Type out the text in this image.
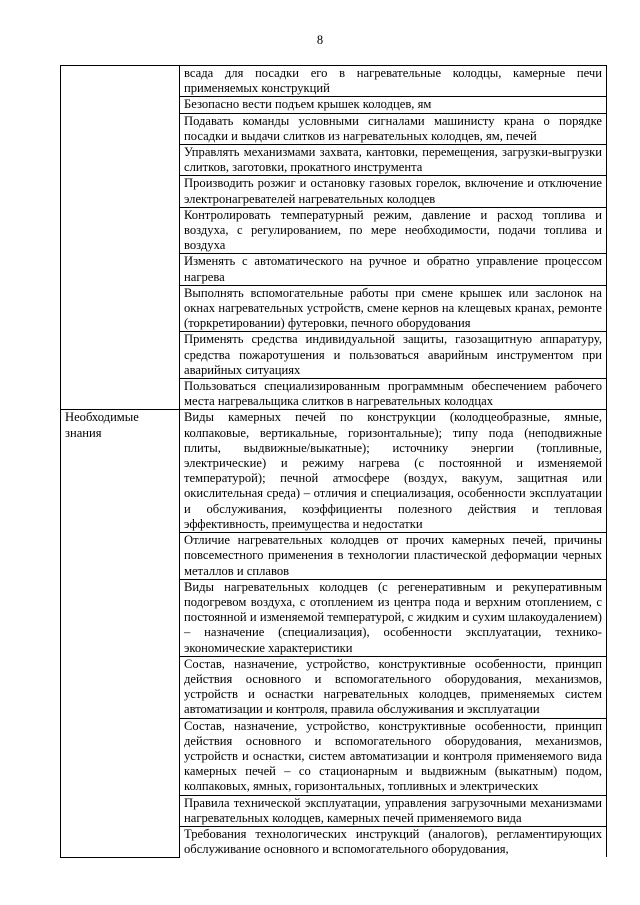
8
	всада для посадки его в нагревательные колодцы, камерные печи применяемых конструкций
	Безопасно вести подъем крышек колодцев, ям
	Подавать команды условными сигналами машинисту крана о порядке посадки и выдачи слитков из нагревательных колодцев, ям, печей
	Управлять механизмами захвата, кантовки, перемещения, загрузки-выгрузки слитков, заготовки, прокатного инструмента
	Производить розжиг и остановку газовых горелок, включение и отключение электронагревателей нагревательных колодцев
	Контролировать температурный режим, давление и расход топлива и воздуха, с регулированием, по мере необходимости, подачи топлива и воздуха
	Изменять с автоматического на ручное и обратно управление процессом нагрева
	Выполнять вспомогательные работы при смене крышек или заслонок на окнах нагревательных устройств, смене кернов на клещевых кранах, ремонте (торкретировании) футеровки, печного оборудования
	Применять средства индивидуальной защиты, газозащитную аппаратуру, средства пожаротушения и пользоваться аварийным инструментом при аварийных ситуациях
	Пользоваться специализированным программным обеспечением рабочего места нагревальщика слитков в нагревательных колодцах
Необходимые знания	Виды камерных печей по конструкции (колодцеобразные, ямные, колпаковые, вертикальные, горизонтальные); типу пода (неподвижные плиты, выдвижные/выкатные); источнику энергии (топливные, электрические) и режиму нагрева (с постоянной и изменяемой температурой); печной атмосфере (воздух, вакуум, защитная или окислительная среда) – отличия и специализация, особенности эксплуатации и обслуживания, коэффициенты полезного действия и тепловая эффективность, преимущества и недостатки
	Отличие нагревательных колодцев от прочих камерных печей, причины повсеместного применения в технологии пластической деформации черных металлов и сплавов
	Виды нагревательных колодцев (с регенеративным и рекуперативным подогревом воздуха, с отоплением из центра пода и верхним отоплением, с постоянной и изменяемой температурой, с жидким и сухим шлакоудалением) – назначение (специализация), особенности эксплуатации, технико-экономические характеристики
	Состав, назначение, устройство, конструктивные особенности, принцип действия основного и вспомогательного оборудования, механизмов, устройств и оснастки нагревательных колодцев, применяемых систем автоматизации и контроля, правила обслуживания и эксплуатации
	Состав, назначение, устройство, конструктивные особенности, принцип действия основного и вспомогательного оборудования, механизмов, устройств и оснастки, систем автоматизации и контроля применяемого вида камерных печей – со стационарным и выдвижным (выкатным) подом, колпаковых, ямных, горизонтальных, топливных и электрических
	Правила технической эксплуатации, управления загрузочными механизмами нагревательных колодцев, камерных печей применяемого вида
	Требования технологических инструкций (аналогов), регламентирующих обслуживание основного и вспомогательного оборудования,
